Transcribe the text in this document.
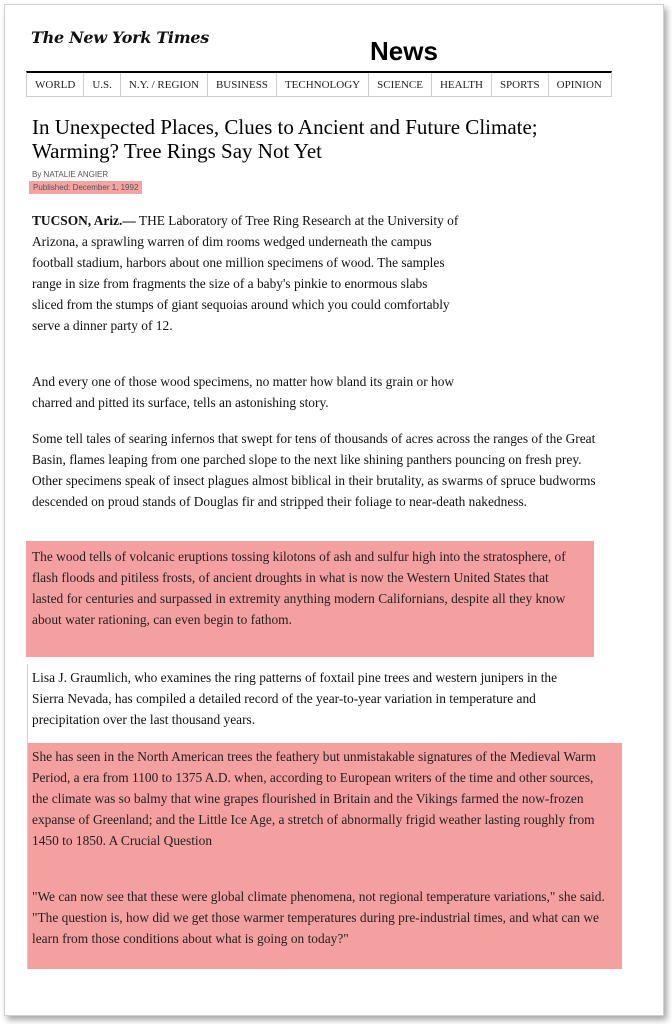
The New York Times	News
WORLD	U.S.	N.Y. / REGION	BUSINESS	TECHNOLOGY	SCIENCE	HEALTH	SPORTS	OPINION
In Unexpected Places, Clues to Ancient and Future Climate; Warming? Tree Rings Say Not Yet
By NATALIE ANGIER
Published: December 1, 1992

TUCSON, Ariz.— THE Laboratory of Tree Ring Research at the University of Arizona, a sprawling warren of dim rooms wedged underneath the campus football stadium, harbors about one million specimens of wood. The samples range in size from fragments the size of a baby's pinkie to enormous slabs sliced from the stumps of giant sequoias around which you could comfortably serve a dinner party of 12.

And every one of those wood specimens, no matter how bland its grain or how charred and pitted its surface, tells an astonishing story.

Some tell tales of searing infernos that swept for tens of thousands of acres across the ranges of the Great Basin, flames leaping from one parched slope to the next like shining panthers pouncing on fresh prey. Other specimens speak of insect plagues almost biblical in their brutality, as swarms of spruce budworms descended on proud stands of Douglas fir and stripped their foliage to near-death nakedness.

The wood tells of volcanic eruptions tossing kilotons of ash and sulfur high into the stratosphere, of flash floods and pitiless frosts, of ancient droughts in what is now the Western United States that lasted for centuries and surpassed in extremity anything modern Californians, despite all they know about water rationing, can even begin to fathom.

Lisa J. Graumlich, who examines the ring patterns of foxtail pine trees and western junipers in the Sierra Nevada, has compiled a detailed record of the year-to-year variation in temperature and precipitation over the last thousand years.

She has seen in the North American trees the feathery but unmistakable signatures of the Medieval Warm Period, a era from 1100 to 1375 A.D. when, according to European writers of the time and other sources, the climate was so balmy that wine grapes flourished in Britain and the Vikings farmed the now-frozen expanse of Greenland; and the Little Ice Age, a stretch of abnormally frigid weather lasting roughly from 1450 to 1850. A Crucial Question

"We can now see that these were global climate phenomena, not regional temperature variations," she said. "The question is, how did we get those warmer temperatures during pre-industrial times, and what can we learn from those conditions about what is going on today?"
